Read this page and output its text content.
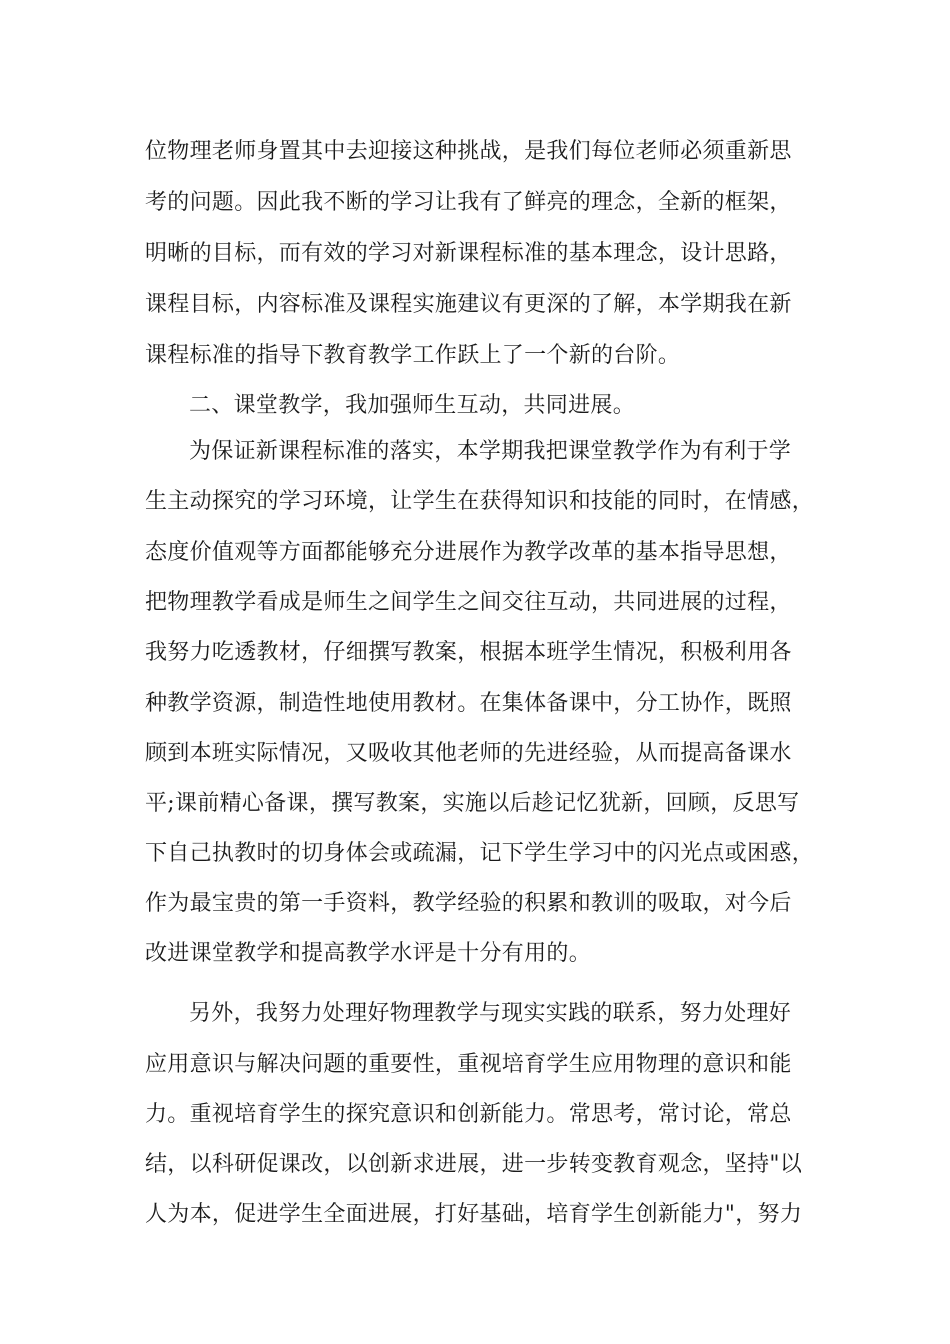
位物理老师身置其中去迎接这种挑战，是我们每位老师必须重新思
考的问题。因此我不断的学习让我有了鲜亮的理念，全新的框架，
明晰的目标，而有效的学习对新课程标准的基本理念，设计思路，
课程目标，内容标准及课程实施建议有更深的了解，本学期我在新
课程标准的指导下教育教学工作跃上了一个新的台阶。
二、课堂教学，我加强师生互动，共同进展。
为保证新课程标准的落实，本学期我把课堂教学作为有利于学
生主动探究的学习环境，让学生在获得知识和技能的同时，在情感，
态度价值观等方面都能够充分进展作为教学改革的基本指导思想，
把物理教学看成是师生之间学生之间交往互动，共同进展的过程，
我努力吃透教材，仔细撰写教案，根据本班学生情况，积极利用各
种教学资源，制造性地使用教材。在集体备课中，分工协作，既照
顾到本班实际情况，又吸收其他老师的先进经验，从而提高备课水
平;课前精心备课，撰写教案，实施以后趁记忆犹新，回顾，反思写
下自己执教时的切身体会或疏漏，记下学生学习中的闪光点或困惑，
作为最宝贵的第一手资料，教学经验的积累和教训的吸取，对今后
改进课堂教学和提高教学水评是十分有用的。
另外，我努力处理好物理教学与现实实践的联系，努力处理好
应用意识与解决问题的重要性，重视培育学生应用物理的意识和能
力。重视培育学生的探究意识和创新能力。常思考，常讨论，常总
结，以科研促课改，以创新求进展，进一步转变教育观念，坚持"以
人为本，促进学生全面进展，打好基础，培育学生创新能力"，努力
